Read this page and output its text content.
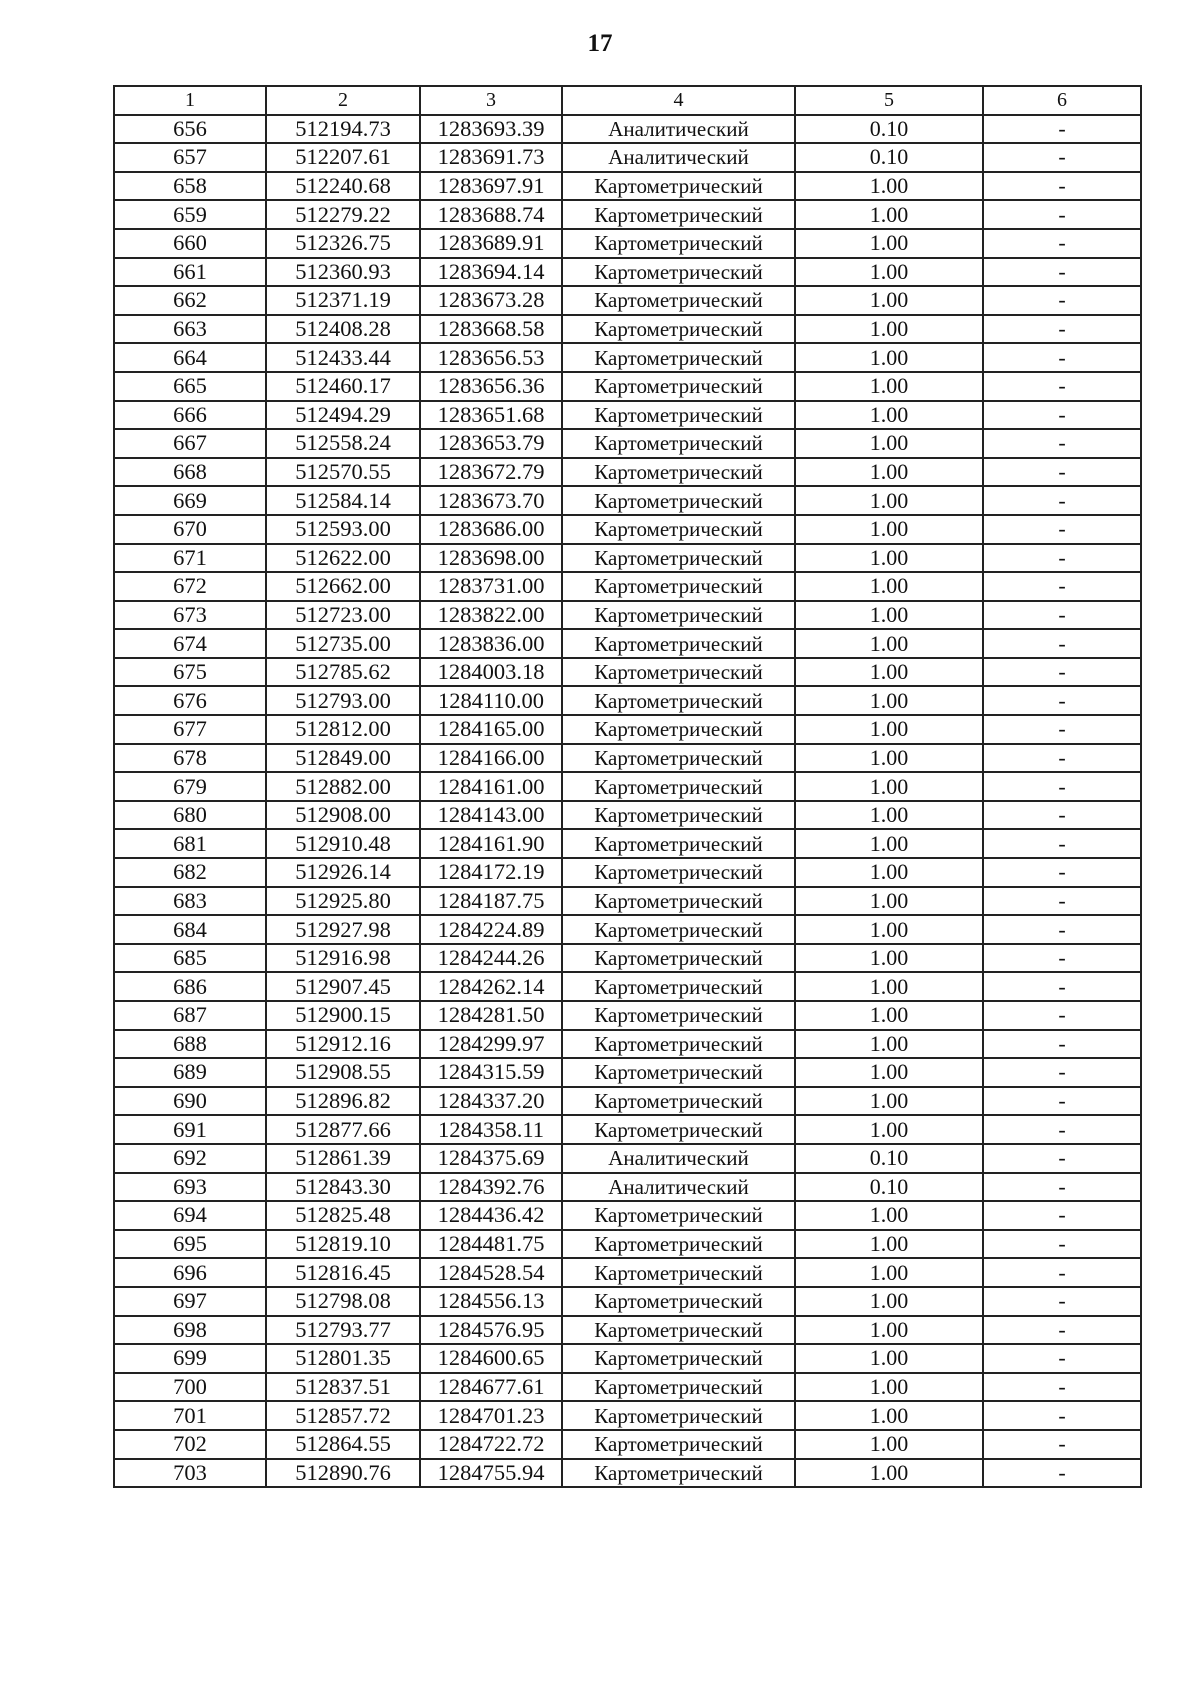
17
1	2	3	4	5	6
656	512194.73	1283693.39	Аналитический	0.10	-
657	512207.61	1283691.73	Аналитический	0.10	-
658	512240.68	1283697.91	Картометрический	1.00	-
659	512279.22	1283688.74	Картометрический	1.00	-
660	512326.75	1283689.91	Картометрический	1.00	-
661	512360.93	1283694.14	Картометрический	1.00	-
662	512371.19	1283673.28	Картометрический	1.00	-
663	512408.28	1283668.58	Картометрический	1.00	-
664	512433.44	1283656.53	Картометрический	1.00	-
665	512460.17	1283656.36	Картометрический	1.00	-
666	512494.29	1283651.68	Картометрический	1.00	-
667	512558.24	1283653.79	Картометрический	1.00	-
668	512570.55	1283672.79	Картометрический	1.00	-
669	512584.14	1283673.70	Картометрический	1.00	-
670	512593.00	1283686.00	Картометрический	1.00	-
671	512622.00	1283698.00	Картометрический	1.00	-
672	512662.00	1283731.00	Картометрический	1.00	-
673	512723.00	1283822.00	Картометрический	1.00	-
674	512735.00	1283836.00	Картометрический	1.00	-
675	512785.62	1284003.18	Картометрический	1.00	-
676	512793.00	1284110.00	Картометрический	1.00	-
677	512812.00	1284165.00	Картометрический	1.00	-
678	512849.00	1284166.00	Картометрический	1.00	-
679	512882.00	1284161.00	Картометрический	1.00	-
680	512908.00	1284143.00	Картометрический	1.00	-
681	512910.48	1284161.90	Картометрический	1.00	-
682	512926.14	1284172.19	Картометрический	1.00	-
683	512925.80	1284187.75	Картометрический	1.00	-
684	512927.98	1284224.89	Картометрический	1.00	-
685	512916.98	1284244.26	Картометрический	1.00	-
686	512907.45	1284262.14	Картометрический	1.00	-
687	512900.15	1284281.50	Картометрический	1.00	-
688	512912.16	1284299.97	Картометрический	1.00	-
689	512908.55	1284315.59	Картометрический	1.00	-
690	512896.82	1284337.20	Картометрический	1.00	-
691	512877.66	1284358.11	Картометрический	1.00	-
692	512861.39	1284375.69	Аналитический	0.10	-
693	512843.30	1284392.76	Аналитический	0.10	-
694	512825.48	1284436.42	Картометрический	1.00	-
695	512819.10	1284481.75	Картометрический	1.00	-
696	512816.45	1284528.54	Картометрический	1.00	-
697	512798.08	1284556.13	Картометрический	1.00	-
698	512793.77	1284576.95	Картометрический	1.00	-
699	512801.35	1284600.65	Картометрический	1.00	-
700	512837.51	1284677.61	Картометрический	1.00	-
701	512857.72	1284701.23	Картометрический	1.00	-
702	512864.55	1284722.72	Картометрический	1.00	-
703	512890.76	1284755.94	Картометрический	1.00	-
